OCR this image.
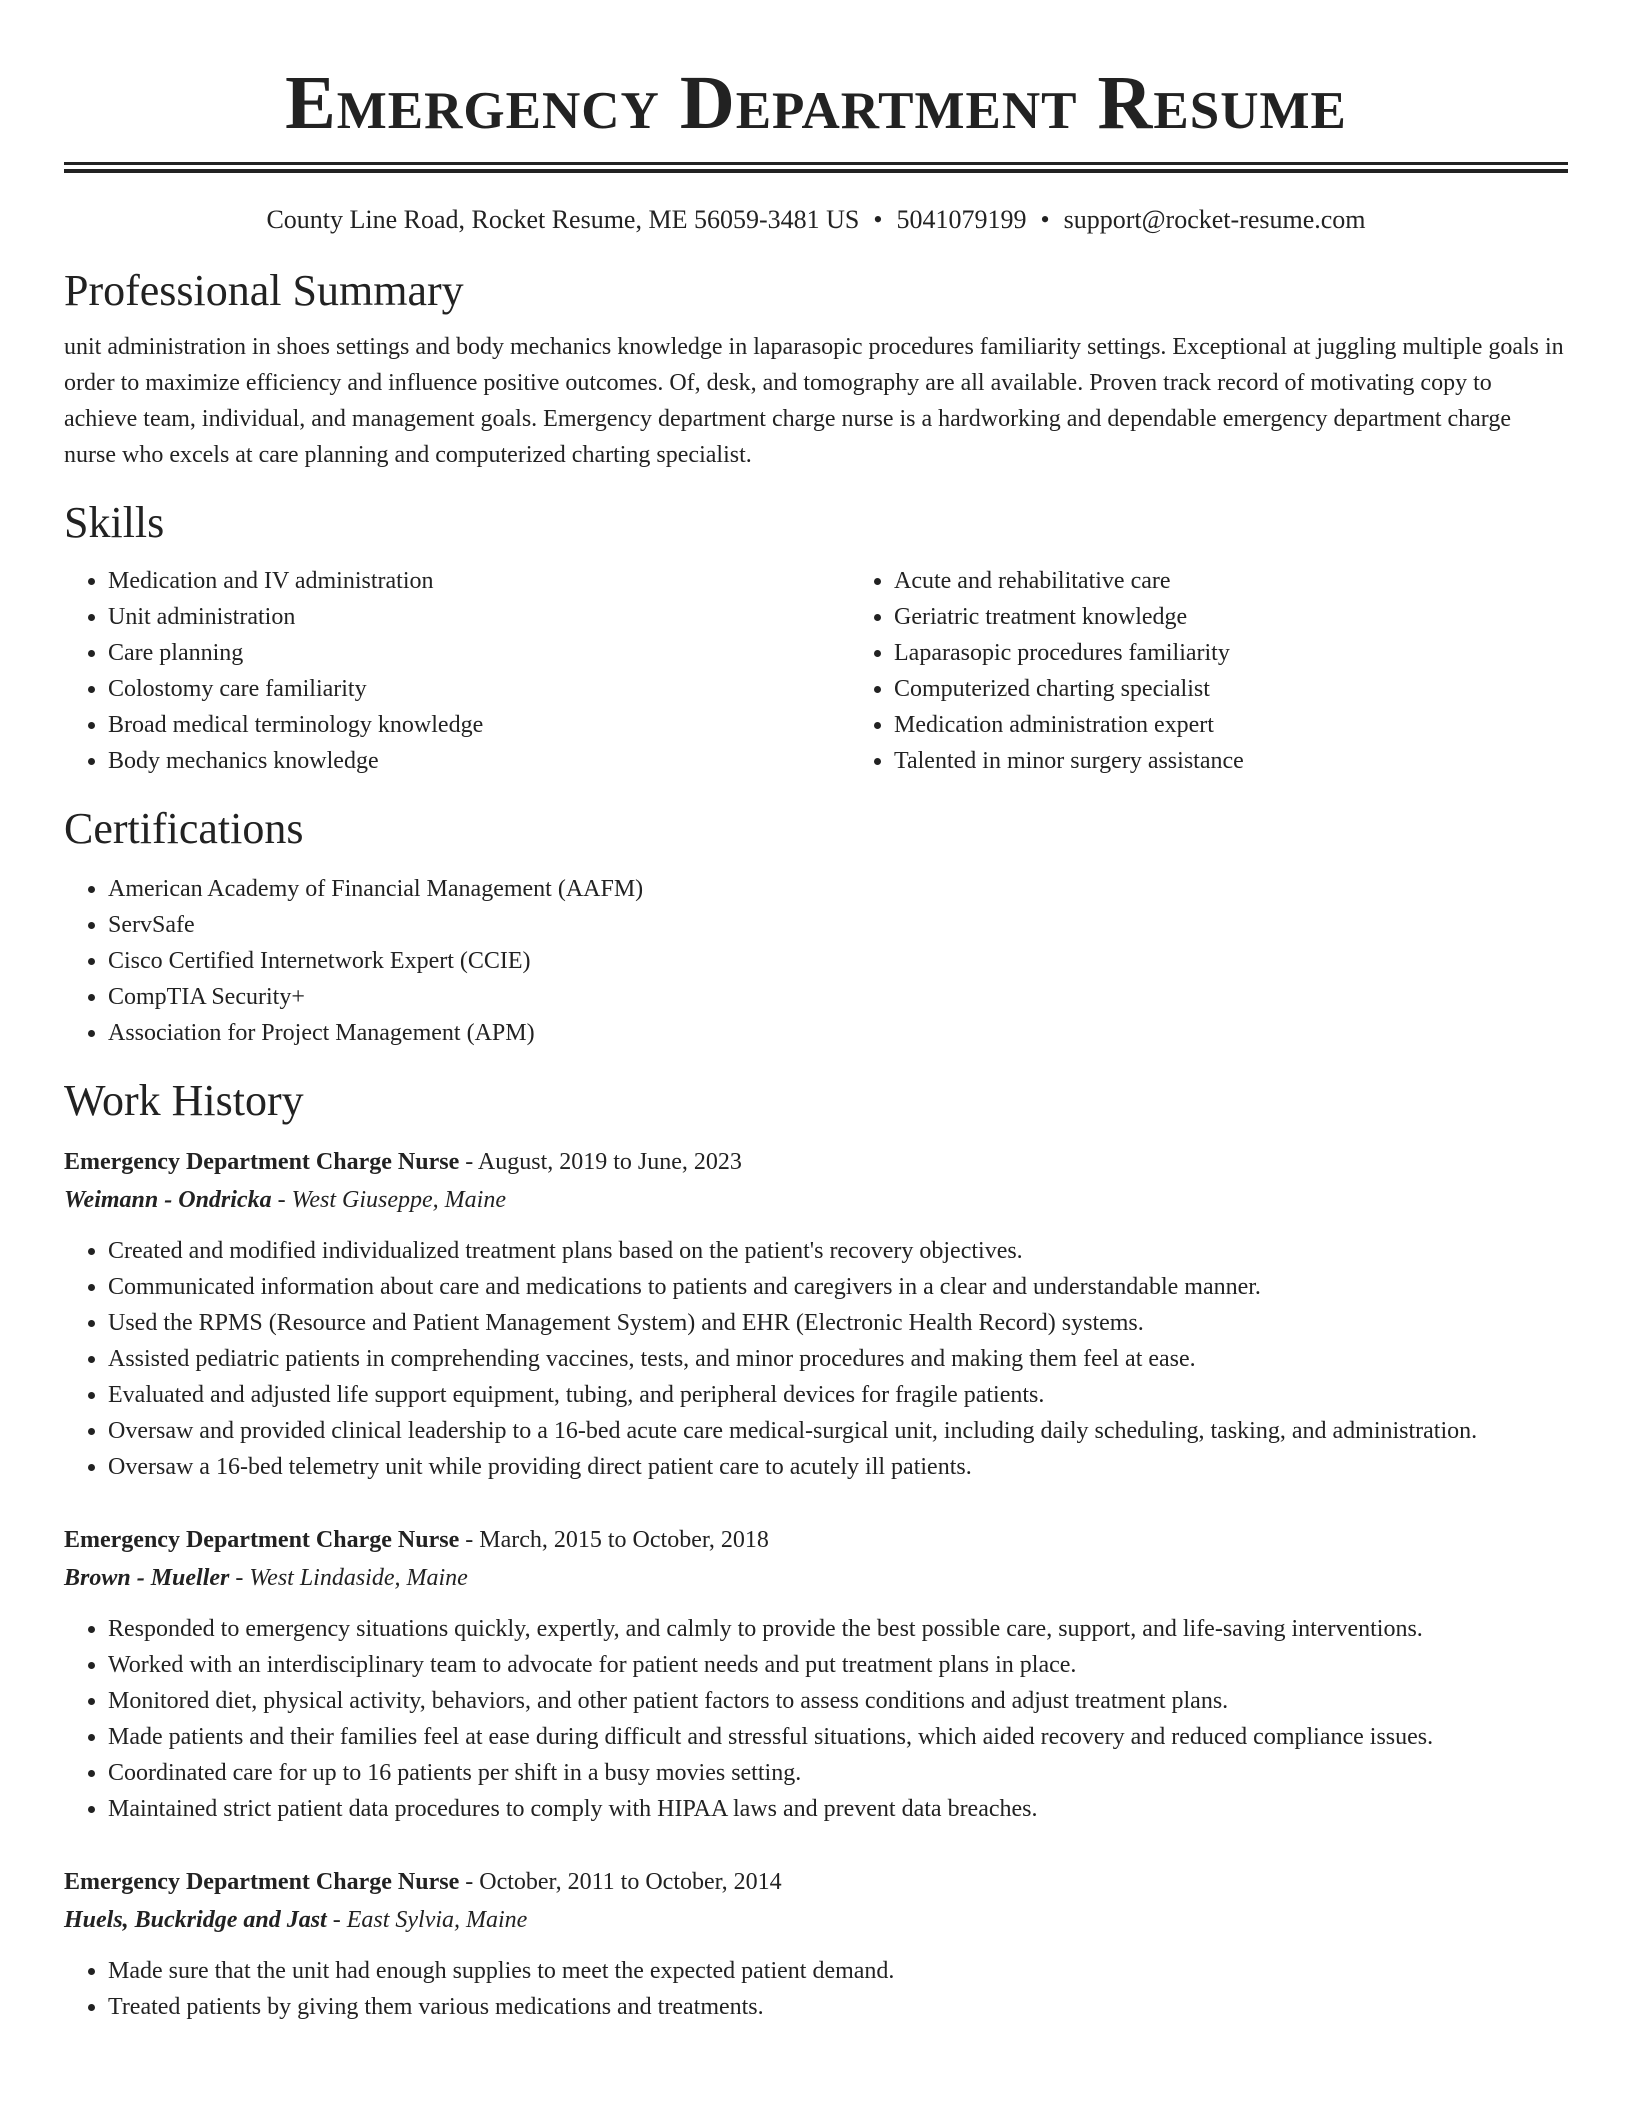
Emergency Department Resume
County Line Road, Rocket Resume, ME 56059-3481 US • 5041079199 • support@rocket-resume.com
Professional Summary

unit administration in shoes settings and body mechanics knowledge in laparasopic procedures familiarity settings. Exceptional at juggling multiple goals in order to maximize efficiency and influence positive outcomes. Of, desk, and tomography are all available. Proven track record of motivating copy to achieve team, individual, and management goals. Emergency department charge nurse is a hardworking and dependable emergency department charge nurse who excels at care planning and computerized charting specialist.

Skills
• Medication and IV administration
• Unit administration
• Care planning
• Colostomy care familiarity
• Broad medical terminology knowledge
• Body mechanics knowledge
• Acute and rehabilitative care
• Geriatric treatment knowledge
• Laparasopic procedures familiarity
• Computerized charting specialist
• Medication administration expert
• Talented in minor surgery assistance
Certifications
• American Academy of Financial Management (AAFM)
• ServSafe
• Cisco Certified Internetwork Expert (CCIE)
• CompTIA Security+
• Association for Project Management (APM)
Work History
Emergency Department Charge Nurse - August, 2019 to June, 2023
Weimann - Ondricka - West Giuseppe, Maine
• Created and modified individualized treatment plans based on the patient's recovery objectives.
• Communicated information about care and medications to patients and caregivers in a clear and understandable manner.
• Used the RPMS (Resource and Patient Management System) and EHR (Electronic Health Record) systems.
• Assisted pediatric patients in comprehending vaccines, tests, and minor procedures and making them feel at ease.
• Evaluated and adjusted life support equipment, tubing, and peripheral devices for fragile patients.
• Oversaw and provided clinical leadership to a 16-bed acute care medical-surgical unit, including daily scheduling, tasking, and administration.
• Oversaw a 16-bed telemetry unit while providing direct patient care to acutely ill patients.
Emergency Department Charge Nurse - March, 2015 to October, 2018
Brown - Mueller - West Lindaside, Maine
• Responded to emergency situations quickly, expertly, and calmly to provide the best possible care, support, and life-saving interventions.
• Worked with an interdisciplinary team to advocate for patient needs and put treatment plans in place.
• Monitored diet, physical activity, behaviors, and other patient factors to assess conditions and adjust treatment plans.
• Made patients and their families feel at ease during difficult and stressful situations, which aided recovery and reduced compliance issues.
• Coordinated care for up to 16 patients per shift in a busy movies setting.
• Maintained strict patient data procedures to comply with HIPAA laws and prevent data breaches.
Emergency Department Charge Nurse - October, 2011 to October, 2014
Huels, Buckridge and Jast - East Sylvia, Maine
• Made sure that the unit had enough supplies to meet the expected patient demand.
• Treated patients by giving them various medications and treatments.
